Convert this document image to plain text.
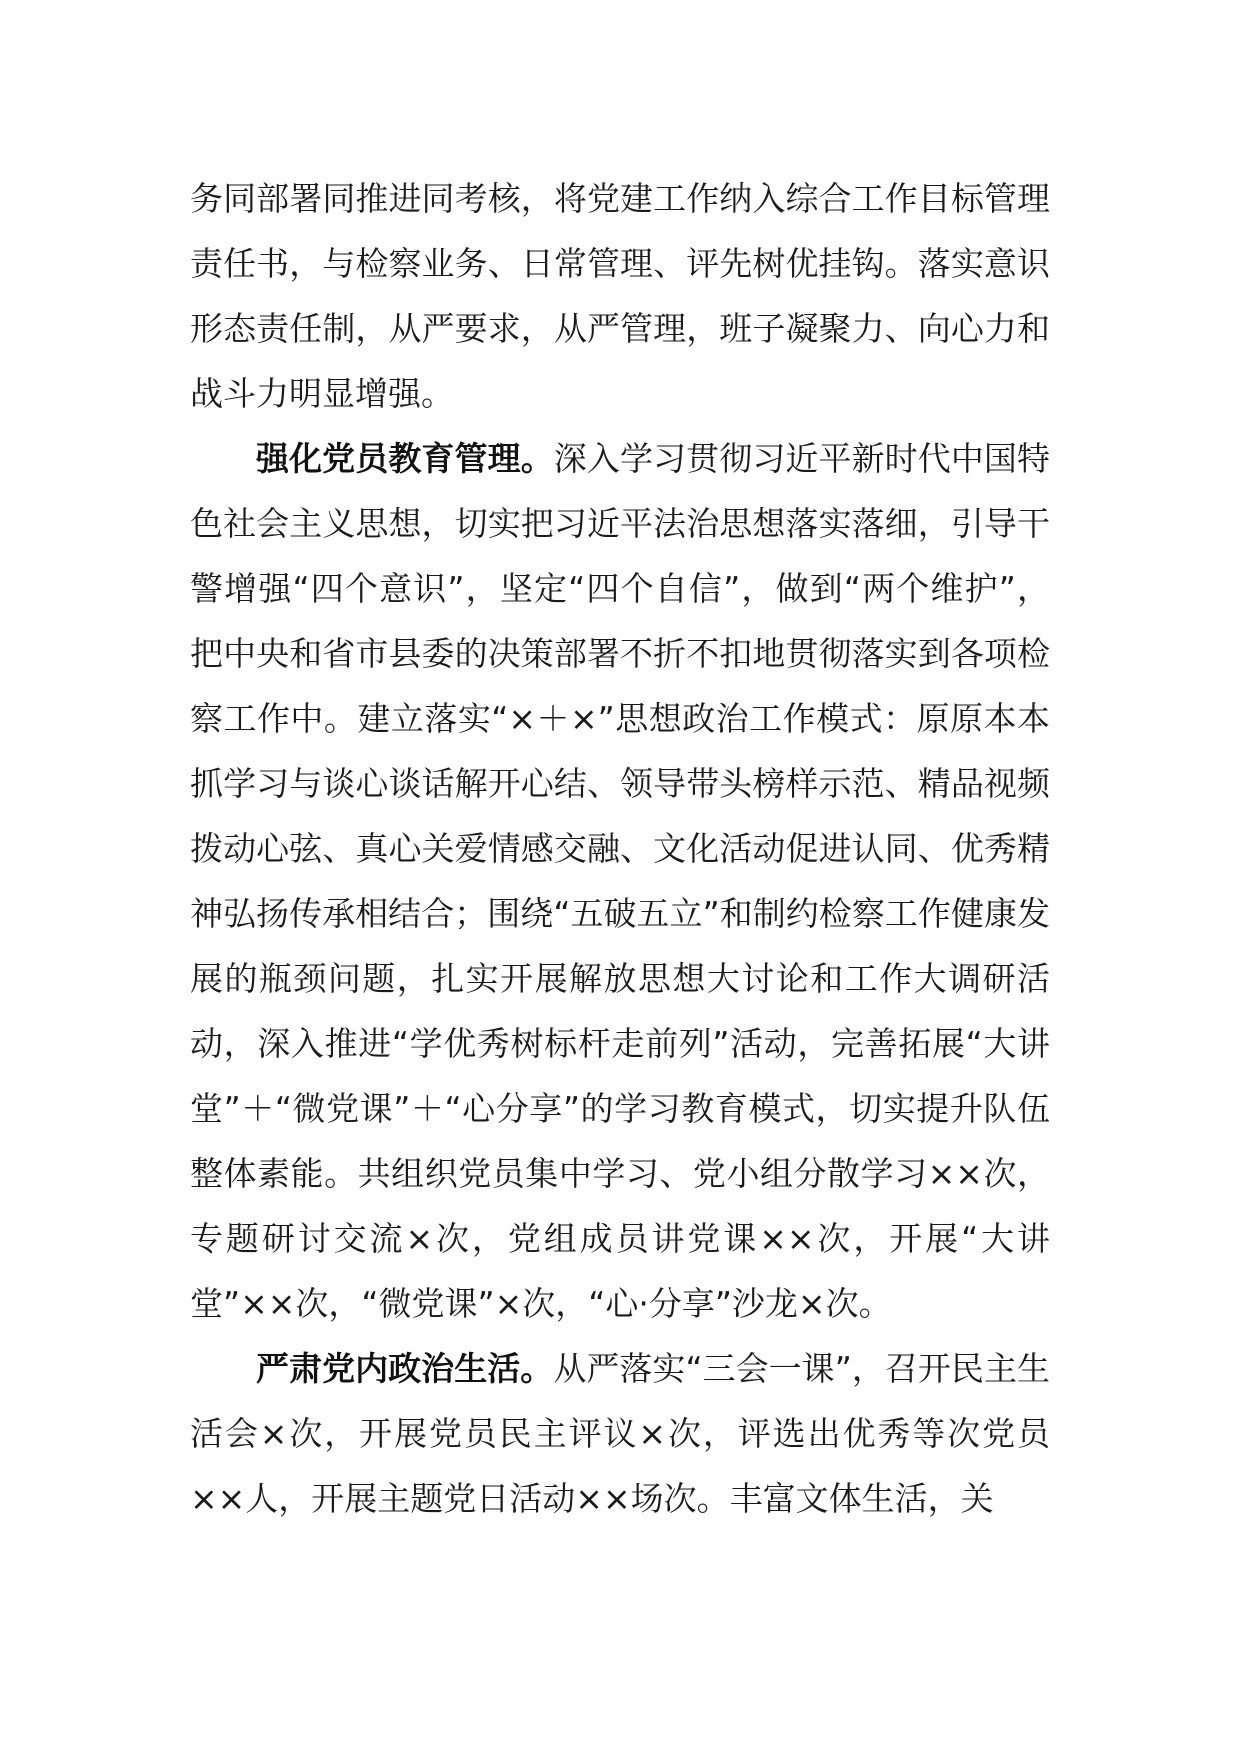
务同部署同推进同考核，将党建工作纳入综合工作目标管理责任书，与检察业务、日常管理、评先树优挂钩。落实意识形态责任制，从严要求，从严管理，班子凝聚力、向心力和战斗力明显增强。

强化党员教育管理。深入学习贯彻习近平新时代中国特色社会主义思想，切实把习近平法治思想落实落细，引导干警增强“四个意识”，坚定“四个自信”，做到“两个维护”，把中央和省市县委的决策部署不折不扣地贯彻落实到各项检察工作中。建立落实“×＋×”思想政治工作模式：原原本本抓学习与谈心谈话解开心结、领导带头榜样示范、精品视频拨动心弦、真心关爱情感交融、文化活动促进认同、优秀精神弘扬传承相结合；围绕“五破五立”和制约检察工作健康发展的瓶颈问题，扎实开展解放思想大讨论和工作大调研活动，深入推进“学优秀树标杆走前列”活动，完善拓展“大讲堂”＋“微党课”＋“心分享”的学习教育模式，切实提升队伍整体素能。共组织党员集中学习、党小组分散学习××次，专题研讨交流×次，党组成员讲党课××次，开展“大讲堂”××次，“微党课”×次，“心·分享”沙龙×次。

严肃党内政治生活。从严落实“三会一课”，召开民主生活会×次，开展党员民主评议×次，评选出优秀等次党员××人，开展主题党日活动××场次。丰富文体生活，关
